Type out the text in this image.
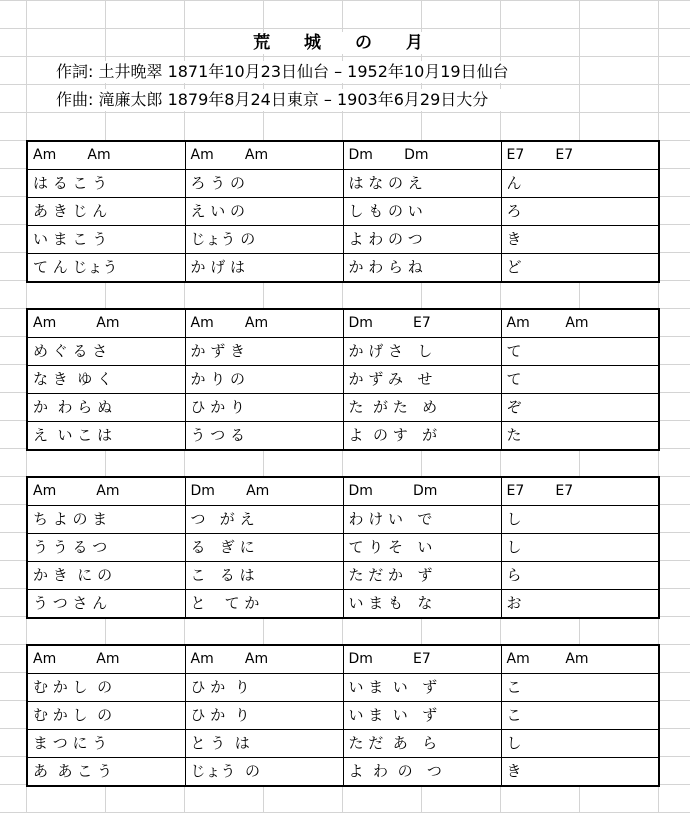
荒 城 の 月
作詞: 土井晩翠 1871年10月23日仙台 – 1952年10月19日仙台
作曲: 滝廉太郎 1879年8月24日東京 – 1903年6月29日大分
Am       Am	Am       Am	Dm       Dm	E7       E7
は る こ う	ろ う の	は な の え	ん
あ き じ ん	え い の	し も の い	ろ
い ま こ う	じょう の	よ わ の つ	き
て ん じょう	か げ は	か わ ら ね	ど
Am         Am	Am       Am	Dm         E7	Am        Am
め ぐ る さ	か ず き	か げ さ   し	て
な き  ゆ く	か り の	か ず み   せ	て
か  わ ら ぬ	ひ か り	た  が た   め	ぞ
え  い こ は	う つ る	よ  の す   が	た
Am         Am	Dm       Am	Dm         Dm	E7       E7
ち よ の ま	つ   が え	わ け い   で	し
う う る つ	る   ぎ に	て り そ   い	し
か き  に の	こ   る は	た だ か   ず	ら
う つ さ ん	と    て か	い ま も   な	お
Am         Am	Am       Am	Dm         E7	Am        Am
む か し  の	ひ か  り	い ま  い   ず	こ
む か し  の	ひ か  り	い ま  い   ず	こ
ま つ に う	と う  は	た だ  あ   ら	し
あ  あ こ う	じょう  の	よ  わ  の   つ	き
